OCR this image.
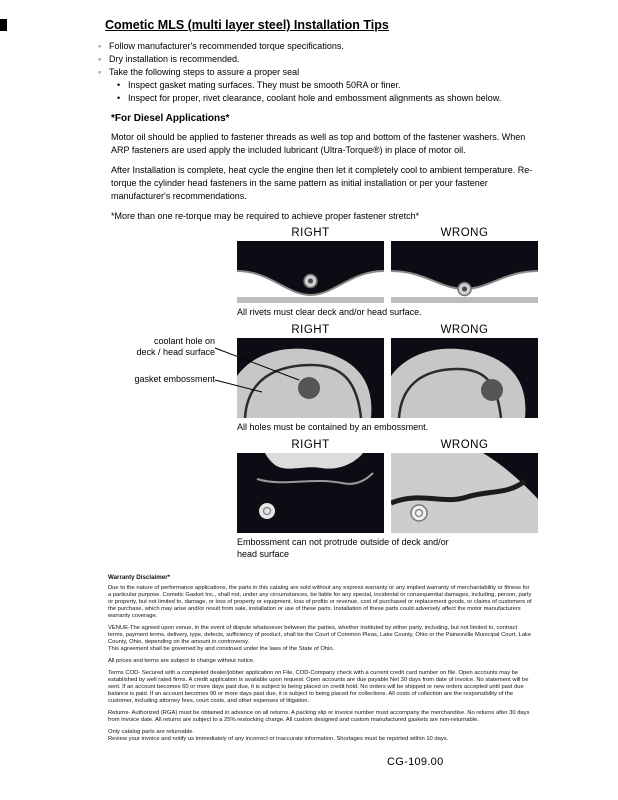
Cometic MLS (multi layer steel) Installation Tips
◦ Follow manufacturer's recommended torque specifications.
◦ Dry installation is recommended.
◦ Take the following steps to assure a proper seal
• Inspect gasket mating surfaces. They must be smooth 50RA or finer.
• Inspect for proper, rivet clearance, coolant hole and embossment alignments as shown below.
*For Diesel Applications*

Motor oil should be applied to fastener threads as well as top and bottom of the fastener washers. When ARP fasteners are used apply the included lubricant (Ultra-Torque®) in place of motor oil.

After Installation is complete, heat cycle the engine then let it completely cool to ambient temperature. Re-torque the cylinder head fasteners in the same pattern as initial installation or per your fastener manufacturer's recommendations.

*More than one re-torque may be required to achieve proper fastener stretch*

RIGHT	WRONG
All rivets must clear deck and/or head surface.
RIGHT	WRONG
All holes must be contained by an embossment.
coolant hole on
deck / head surface
gasket embossment
RIGHT	WRONG
Embossment can not protrude outside of deck and/or head surface
Warranty Disclaimer*

Due to the nature of performance applications, the parts in this catalog are sold without any express warranty or any implied warranty of merchantability or fitness for a particular purpose. Cometic Gasket Inc., shall not, under any circumstances, be liable for any special, incidental or consequential damages, including, person, party or property, but not limited to, damage, or loss of property or equipment, loss of profits or revenue, cost of purchased or replacement goods, or claims of customers of the purchase, which may arise and/or result from sale, installation or use of these parts. Installation of these parts could adversely affect the motor manufacturers warranty coverage.

VENUE-The agreed upon venue, in the event of dispute whatsoever between the parties, whether instituted by either party, including, but not limited to, contract terms, payment terms, delivery, type, defects, sufficiency of product, shall be the Court of Common Pleas, Lake County, Ohio or the Painesville Municipal Court, Lake County, Ohio, depending on the amount in controversy.

This agreement shall be governed by and construed under the laws of the State of Ohio.

All prices and terms are subject to change without notice.

Terms COD- Secured with a completed dealer/jobber application on File, COD-Company check with a current credit card number on file. Open accounts may be established by well rated firms. A credit application is available upon request. Open accounts are due payable Net 30 days from date of invoice. No statement will be sent. If an account becomes 60 or more days past due, it is subject to being placed on credit hold. No orders will be shipped or new orders accepted until past due balance is paid. If an account becomes 90 or more days past due, it is subject to being placed for collections. All costs of collection are the responsibility of the customer, including attorney fees, court costs, and other expenses of litigation.

Returns- Authorized (RGA) must be obtained in advance on all returns. A packing slip or invoice number must accompany the merchandise. No returns after 30 days from invoice date. All returns are subject to a 25% restocking charge. All custom designed and custom manufactured gaskets are non-returnable.

Only catalog parts are returnable.

Review your invoice and notify us immediately of any incorrect or inaccurate information. Shortages must be reported within 10 days.

CG-109.00
